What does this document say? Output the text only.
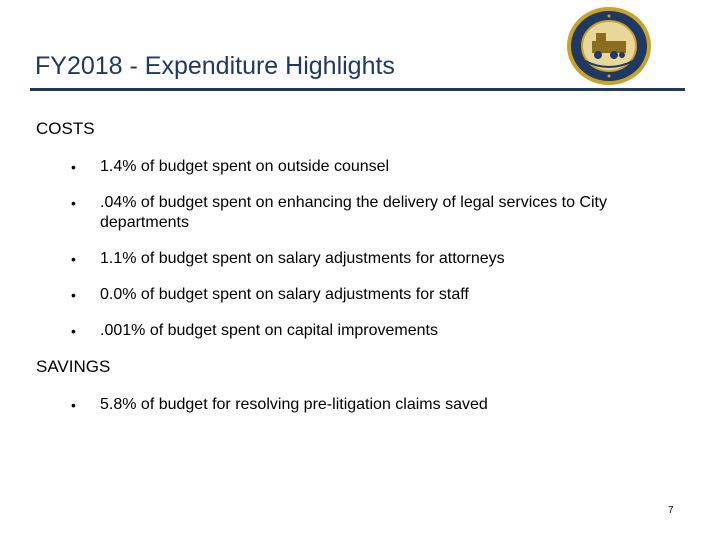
FY2018 - Expenditure Highlights
COSTS
• 1.4% of budget spent on outside counsel
• .04% of budget spent on enhancing the delivery of legal services to City departments
• 1.1% of budget spent on salary adjustments for attorneys
• 0.0% of budget spent on salary adjustments for staff
• .001% of budget spent on capital improvements
SAVINGS
• 5.8% of budget for resolving pre-litigation claims saved
7
